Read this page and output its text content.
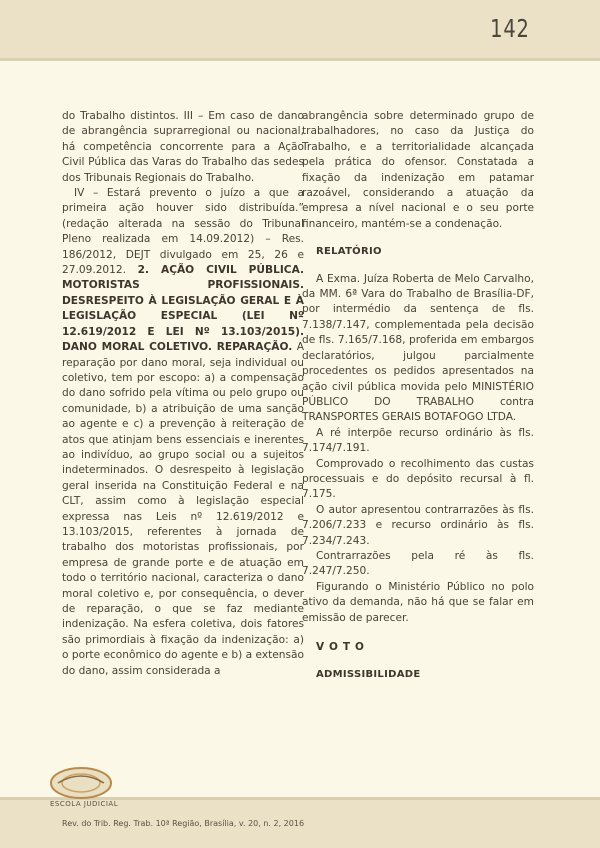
142

do Trabalho distintos. III – Em caso de dano de abrangência suprarregional ou nacional, há competência concorrente para a Ação Civil Pública das Varas do Trabalho das sedes dos Tribunais Regionais do Trabalho.

IV – Estará prevento o juízo a que a primeira ação houver sido distribuída.” (redação alterada na sessão do Tribunal Pleno realizada em 14.09.2012) – Res. 186/2012, DEJT divulgado em 25, 26 e 27.09.2012. 2. AÇÃO CIVIL PÚBLICA. MOTORISTAS PROFISSIONAIS. DESRESPEITO À LEGISLAÇÃO GERAL E À LEGISLAÇÃO ESPECIAL (LEI Nº 12.619/2012 E LEI Nº 13.103/2015). DANO MORAL COLETIVO. REPARAÇÃO. A reparação por dano moral, seja individual ou coletivo, tem por escopo: a) a compensação do dano sofrido pela vítima ou pelo grupo ou comunidade, b) a atribuição de uma sanção ao agente e c) a prevenção à reiteração de atos que atinjam bens essenciais e inerentes ao indivíduo, ao grupo social ou a sujeitos indeterminados. O desrespeito à legislação geral inserida na Constituição Federal e na CLT, assim como à legislação especial expressa nas Leis nº 12.619/2012 e 13.103/2015, referentes à jornada de trabalho dos motoristas profissionais, por empresa de grande porte e de atuação em todo o território nacional, caracteriza o dano moral coletivo e, por consequência, o dever de reparação, o que se faz mediante indenização. Na esfera coletiva, dois fatores são primordiais à fixação da indenização: a) o porte econômico do agente e b) a extensão do dano, assim considerada a

abrangência sobre determinado grupo de trabalhadores, no caso da Justiça do Trabalho, e a territorialidade alcançada pela prática do ofensor. Constatada a fixação da indenização em patamar razoável, considerando a atuação da empresa a nível nacional e o seu porte financeiro, mantém-se a condenação.

RELATÓRIO

A Exma. Juíza Roberta de Melo Carvalho, da MM. 6ª Vara do Trabalho de Brasília-DF, por intermédio da sentença de fls. 7.138/7.147, complementada pela decisão de fls. 7.165/7.168, proferida em embargos declaratórios, julgou parcialmente procedentes os pedidos apresentados na ação civil pública movida pelo MINISTÉRIO PÚBLICO DO TRABALHO contra TRANSPORTES GERAIS BOTAFOGO LTDA.

A ré interpõe recurso ordinário às fls. 7.174/7.191.

Comprovado o recolhimento das custas processuais e do depósito recursal à fl. 7.175.

O autor apresentou contrarrazões às fls. 7.206/7.233 e recurso ordinário às fls. 7.234/7.243.

Contrarrazões pela ré às fls. 7.247/7.250.

Figurando o Ministério Público no polo ativo da demanda, não há que se falar em emissão de parecer.

VOTO

ADMISSIBILIDADE

ESCOLA JUDICIAL
Rev. do Trib. Reg. Trab. 10ª Região, Brasília, v. 20, n. 2, 2016
